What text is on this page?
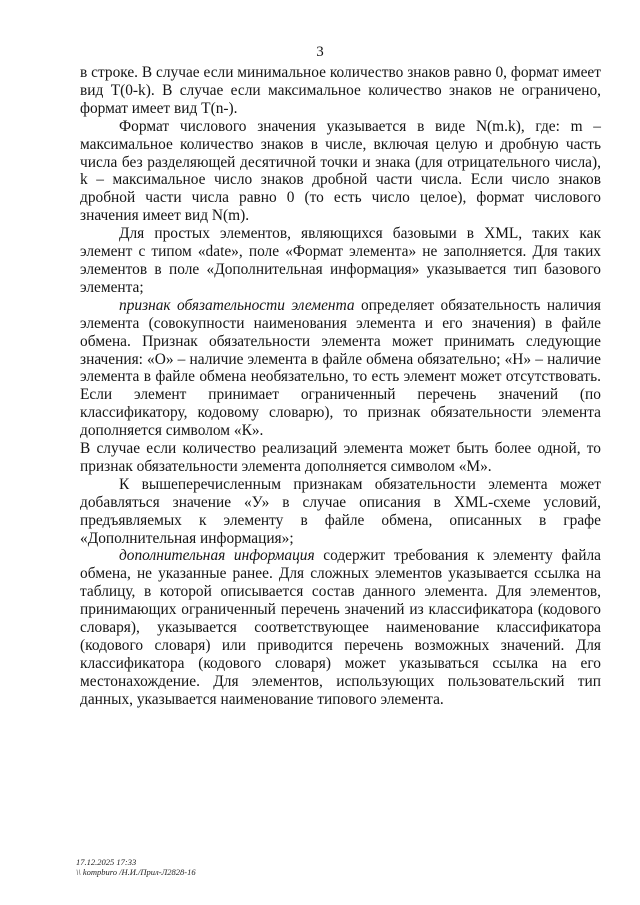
3

в строке. В случае если минимальное количество знаков равно 0, формат имеет вид T(0-k). В случае если максимальное количество знаков не ограничено, формат имеет вид T(n-).

Формат числового значения указывается в виде N(m.k), где: m – максимальное количество знаков в числе, включая целую и дробную часть числа без разделяющей десятичной точки и знака (для отрицательного числа), k – максимальное число знаков дробной части числа. Если число знаков дробной части числа равно 0 (то есть число целое), формат числового значения имеет вид N(m).

Для простых элементов, являющихся базовыми в XML, таких как элемент с типом «date», поле «Формат элемента» не заполняется. Для таких элементов в поле «Дополнительная информация» указывается тип базового элемента;

признак обязательности элемента определяет обязательность наличия элемента (совокупности наименования элемента и его значения) в файле обмена. Признак обязательности элемента может принимать следующие значения: «О» – наличие элемента в файле обмена обязательно; «Н» – наличие элемента в файле обмена необязательно, то есть элемент может отсутствовать. Если элемент принимает ограниченный перечень значений (по классификатору, кодовому словарю), то признак обязательности элемента дополняется символом «К».

В случае если количество реализаций элемента может быть более одной, то признак обязательности элемента дополняется символом «М».

К вышеперечисленным признакам обязательности элемента может добавляться значение «У» в случае описания в XML-схеме условий, предъявляемых к элементу в файле обмена, описанных в графе «Дополнительная информация»;

дополнительная информация содержит требования к элементу файла обмена, не указанные ранее. Для сложных элементов указывается ссылка на таблицу, в которой описывается состав данного элемента. Для элементов, принимающих ограниченный перечень значений из классификатора (кодового словаря), указывается соответствующее наименование классификатора (кодового словаря) или приводится перечень возможных значений. Для классификатора (кодового словаря) может указываться ссылка на его местонахождение. Для элементов, использующих пользовательский тип данных, указывается наименование типового элемента.

17.12.2025 17:33
\\ kompburo /Н.И./Прил-Л2828-16
